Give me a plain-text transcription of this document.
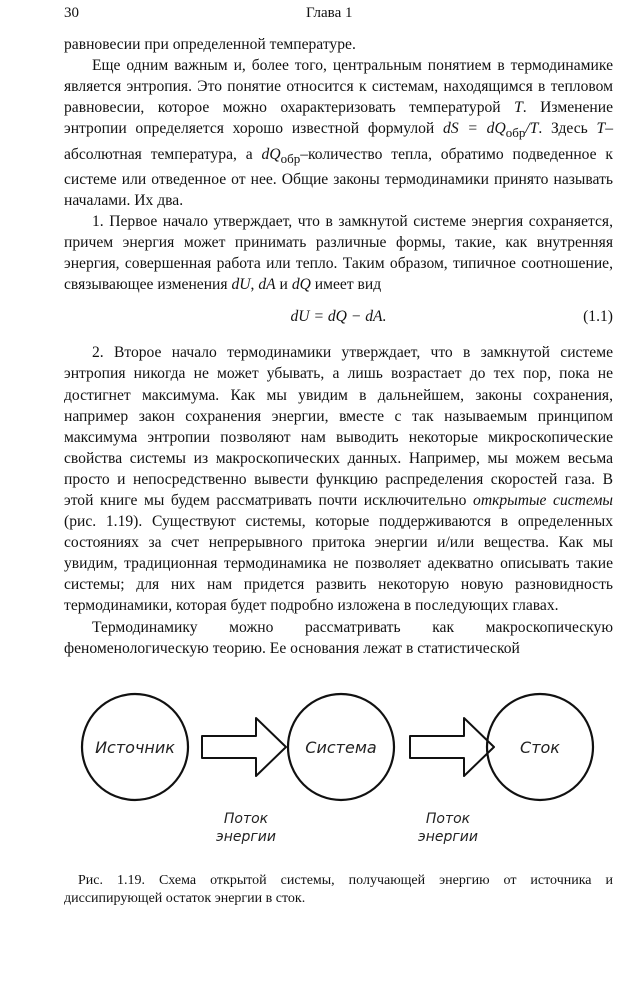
30	Глава 1

равновесии при определенной температуре.

Еще одним важным и, более того, центральным понятием в термодинамике является энтропия. Это понятие относится к системам, находящимся в тепловом равновесии, которое можно охарактеризовать температурой T. Изменение энтропии определяется хорошо известной формулой dS = $dQ_{обр}/T$. Здесь T–абсолютная температура, а $dQ_{обр}$–количество тепла, обратимо подведенное к системе или отведенное от нее. Общие законы термодинамики принято называть началами. Их два.

1. Первое начало утверждает, что в замкнутой системе энергия сохраняется, причем энергия может принимать различные формы, такие, как внутренняя энергия, совершенная работа или тепло. Таким образом, типичное соотношение, связывающее изменения dU, dA и dQ имеет вид

dU = dQ − dA.	(1.1)

2. Второе начало термодинамики утверждает, что в замкнутой системе энтропия никогда не может убывать, а лишь возрастает до тех пор, пока не достигнет максимума. Как мы увидим в дальнейшем, законы сохранения, например закон сохранения энергии, вместе с так называемым принципом максимума энтропии позволяют нам выводить некоторые микроскопические свойства системы из макроскопических данных. Например, мы можем весьма просто и непосредственно вывести функцию распределения скоростей газа. В этой книге мы будем рассматривать почти исключительно открытые системы (рис. 1.19). Существуют системы, которые поддерживаются в определенных состояниях за счет непрерывного притока энергии и/или вещества. Как мы увидим, традиционная термодинамика не позволяет адекватно описывать такие системы; для них нам придется развить некоторую новую разновидность термодинамики, которая будет подробно изложена в последующих главах.

Термодинамику можно рассматривать как макроскопическую феноменологическую теорию. Ее основания лежат в статистической

Источник	Система	Сток
Поток
энергии
Поток
энергии
Рис. 1.19. Схема открытой системы, получающей энергию от источника и диссипирующей остаток энергии в сток.
